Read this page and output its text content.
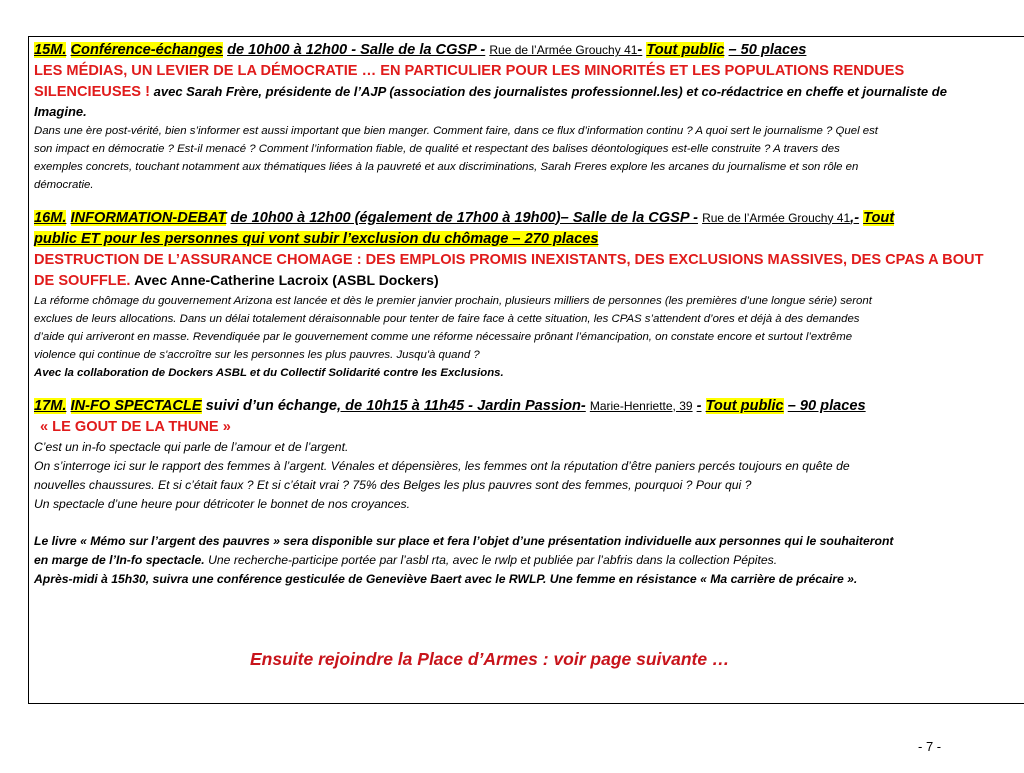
15M. Conférence-échanges de 10h00 à 12h00 - Salle de la CGSP - Rue de l’Armée Grouchy 41- Tout public – 50 places
LES MÉDIAS, UN LEVIER DE LA DÉMOCRATIE … EN PARTICULIER POUR LES MINORITÉS ET LES POPULATIONS RENDUES
SILENCIEUSES ! avec Sarah Frère, présidente de l’AJP (association des journalistes professionnel.les) et co-rédactrice en cheffe et journaliste de
Imagine.
Dans une ère post-vérité, bien s’informer est aussi important que bien manger. Comment faire, dans ce flux d’information continu ? A quoi sert le journalisme ? Quel est
son impact en démocratie ? Est-il menacé ? Comment l’information fiable, de qualité et respectant des balises déontologiques est-elle construite ? A travers des
exemples concrets, touchant notamment aux thématiques liées à la pauvreté et aux discriminations, Sarah Freres explore les arcanes du journalisme et son rôle en
démocratie.
16M. INFORMATION-DEBAT de 10h00 à 12h00 (également de 17h00 à 19h00)– Salle de la CGSP - Rue de l’Armée Grouchy 41,- Tout
public ET pour les personnes qui vont subir l’exclusion du chômage – 270 places
DESTRUCTION DE L’ASSURANCE CHOMAGE : DES EMPLOIS PROMIS INEXISTANTS, DES EXCLUSIONS MASSIVES, DES CPAS A BOUT
DE SOUFFLE. Avec Anne-Catherine Lacroix (ASBL Dockers)
La réforme chômage du gouvernement Arizona est lancée et dès le premier janvier prochain, plusieurs milliers de personnes (les premières d’une longue série) seront
exclues de leurs allocations. Dans un délai totalement déraisonnable pour tenter de faire face à cette situation, les CPAS s’attendent d’ores et déjà à des demandes
d’aide qui arriveront en masse. Revendiquée par le gouvernement comme une réforme nécessaire prônant l’émancipation, on constate encore et surtout l’extrême
violence qui continue de s'accroître sur les personnes les plus pauvres. Jusqu'à quand ?
Avec la collaboration de Dockers ASBL et du Collectif Solidarité contre les Exclusions.
17M. IN-FO SPECTACLE suivi d’un échange, de 10h15 à 11h45 - Jardin Passion- Marie-Henriette, 39 - Tout public – 90 places
« LE GOUT DE LA THUNE »
C’est un in-fo spectacle qui parle de l’amour et de l’argent.
On s’interroge ici sur le rapport des femmes à l’argent. Vénales et dépensières, les femmes ont la réputation d’être paniers percés toujours en quête de
nouvelles chaussures. Et si c’était faux ? Et si c’était vrai ? 75% des Belges les plus pauvres sont des femmes, pourquoi ? Pour qui ?
Un spectacle d’une heure pour détricoter le bonnet de nos croyances.
Le livre « Mémo sur l’argent des pauvres » sera disponible sur place et fera l’objet d’une présentation individuelle aux personnes qui le souhaiteront
en marge de l’In-fo spectacle. Une recherche-participe portée par l’asbl rta, avec le rwlp et publiée par l’abfris dans la collection Pépites.
Après-midi à 15h30, suivra une conférence gesticulée de Geneviève Baert avec le RWLP. Une femme en résistance « Ma carrière de précaire ».
Ensuite rejoindre la Place d’Armes : voir page suivante …
- 7 -
